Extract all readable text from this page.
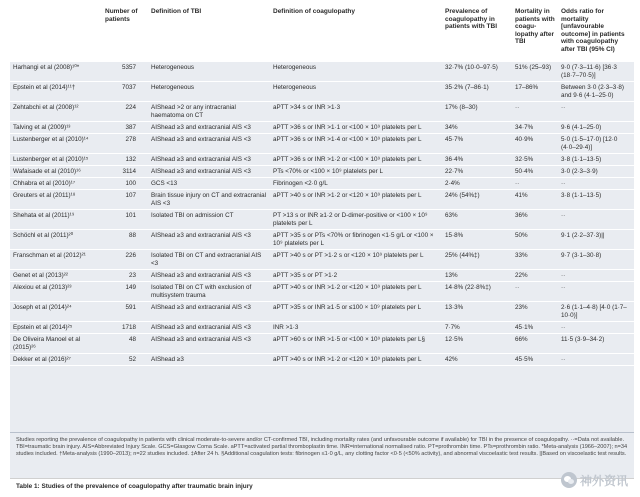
	Number of patients	Definition of TBI	Definition of coagulopathy	Prevalence of coagulopathy in patients with TBI	Mortality in patients with coagu-lopathy after TBI	Odds ratio for mortality [unfavourable outcome] in patients with coagulopathy after TBI (95% CI)
Harhangi et al (2008)¹⁰*	5357	Heterogeneous	Heterogeneous	32·7% (10·0–97·5)	51% (25–93)	9·0 (7·3–11·6) [36·3 (18·7–70·5)]
Epstein et al (2014)¹¹†	7037	Heterogeneous	Heterogeneous	35·2% (7–86·1)	17–86%	Between 3·0 (2·3–3·8) and 9·6 (4·1–25·0)
Zehtabchi et al (2008)¹²	224	AIShead >2 or any intracranial haematoma on CT	aPTT >34 s or INR >1·3	17% (8–30)	··	··
Talving et al (2009)¹³	387	AIShead ≥3 and extracranial AIS <3	aPTT >36 s or INR >1·1 or <100 × 10⁹ platelets per L	34%	34·7%	9·6 (4·1–25·0)
Lustenberger et al (2010)¹⁴	278	AIShead ≥3 and extracranial AIS <3	aPTT >36 s or INR >1·4 or <100 × 10⁹ platelets per L	45·7%	40·9%	5·0 (1·5–17·0) [12·0 (4·0–29·4)]
Lustenberger et al (2010)¹⁵	132	AIShead ≥3 and extracranial AIS <3	aPTT >36 s or INR >1·2 or <100 × 10⁹ platelets per L	36·4%	32·5%	3·8 (1·1–13·5)
Wafaisade et al (2010)¹⁶	3114	AIShead ≥3 and extracranial AIS <3	PTs <70% or <100 × 10⁹ platelets per L	22·7%	50·4%	3·0 (2·3–3·9)
Chhabra et al (2010)¹⁷	100	GCS <13	Fibrinogen <2·0 g/L	2·4%	··	··
Greuters et al (2011)¹⁸	107	Brain tissue injury on CT and extracranial AIS <3	aPTT >40 s or INR >1·2 or <120 × 10⁹ platelets per L	24% (54%‡)	41%	3·8 (1·1–13·5)
Shehata et al (2011)¹⁹	101	Isolated TBI on admission CT	PT >13 s or INR ≥1·2 or D-dimer-positive or <100 × 10⁹ platelets per L	63%	36%	··
Schöchl et al (2011)²⁰	88	AIShead ≥3 and extracranial AIS <3	aPTT >35 s or PTs <70% or fibrinogen <1·5 g/L or <100 × 10⁹ platelets per L	15·8%	50%	9·1 (2·2–37·3)||
Franschman et al (2012)²¹	226	Isolated TBI on CT and extracranial AIS <3	aPTT >40 s or PT >1·2 s or <120 × 10⁹ platelets per L	25% (44%‡)	33%	9·7 (3·1–30·8)
Genet et al (2013)²²	23	AIShead ≥3 and extracranial AIS <3	aPTT >35 s or PT >1·2	13%	22%	··
Alexiou et al (2013)²³	149	Isolated TBI on CT with exclusion of multisystem trauma	aPTT >40 s or INR >1·2 or <120 × 10⁹ platelets per L	14·8% (22·8%‡)	··	··
Joseph et al (2014)²⁴	591	AIShead ≥3 and extracranial AIS <3	aPTT >35 s or INR ≥1·5 or ≤100 × 10⁹ platelets per L	13·3%	23%	2·6 (1·1–4·8) [4·0 (1·7–10·0)]
Epstein et al (2014)²⁵	1718	AIShead ≥3 and extracranial AIS <3	INR >1·3	7·7%	45·1%	··
De Oliveira Manoel et al (2015)²⁶	48	AIShead ≥3 and extracranial AIS <3	aPTT >60 s or INR >1·5 or <100 × 10⁹ platelets per L§	12·5%	66%	11·5 (3·9–34·2)
Dekker et al (2016)²⁷	52	AIShead ≥3	aPTT >40 s or INR >1·2 or <120 × 10⁹ platelets per L	42%	45·5%	··
Studies reporting the prevalence of coagulopathy in patients with clinical moderate-to-severe and/or CT-confirmed TBI, including mortality rates (and unfavourable outcome if available) for TBI in the presence of coagulopathy. ··=Data not available. TBI=traumatic brain injury. AIS=Abbreviated Injury Scale. GCS=Glasgow Coma Scale. aPTT=activated partial thromboplastin time. INR=international normalised ratio. PT=prothrombin time. PTs=prothrombin ratio. *Meta-analysis (1966–2007); n=34 studies included. †Meta-analysis (1990–2013); n=22 studies included. ‡After 24 h. §Additional coagulation tests: fibrinogen ≤1·0 g/L, any clotting factor <0·5 (<50% activity), and abnormal viscoelastic test results. ||Based on viscoelastic test results.
Table 1: Studies of the prevalence of coagulopathy after traumatic brain injury	神外资讯
